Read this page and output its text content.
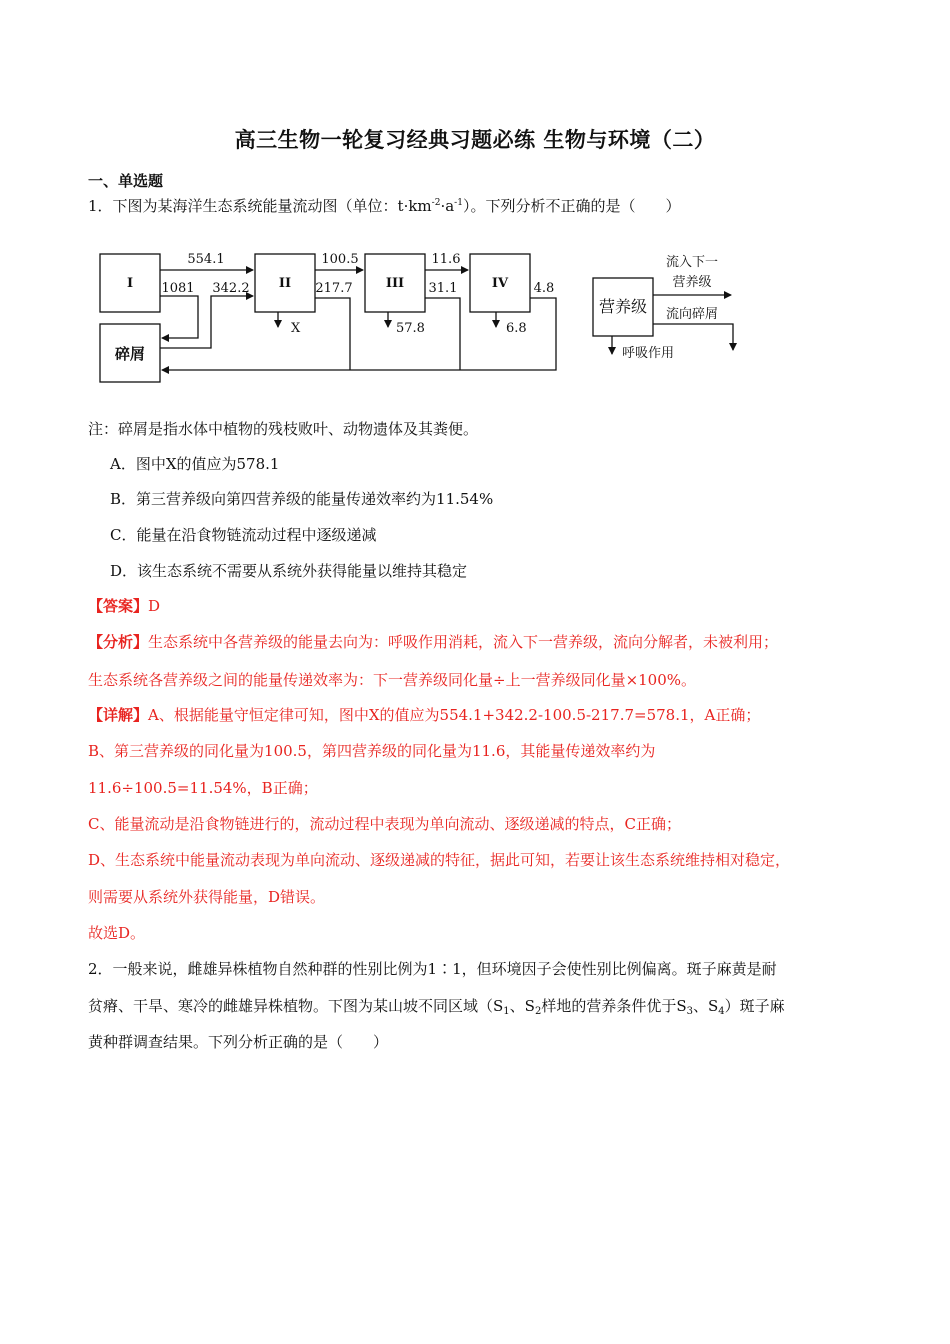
高三生物一轮复习经典习题必练 生物与环境（二）
一、单选题
1．下图为某海洋生态系统能量流动图（单位：$t\cdot km^{-2}\cdot a^{-1}$）。下列分析不正确的是（　　）
I	II	III	IV
碎屑
554.1
1081 342.2
X
100.5
217.7
57.8
11.6
31.1
6.8
4.8
营养级
流入下一
营养级
流向碎屑
呼吸作用
注：碎屑是指水体中植物的残枝败叶、动物遗体及其粪便。
A．图中X的值应为578.1
B．第三营养级向第四营养级的能量传递效率约为11.54%
C．能量在沿食物链流动过程中逐级递减
D．该生态系统不需要从系统外获得能量以维持其稳定
【答案】D
【分析】生态系统中各营养级的能量去向为：呼吸作用消耗，流入下一营养级，流向分解者，未被利用；
生态系统各营养级之间的能量传递效率为：下一营养级同化量÷上一营养级同化量×100%。
【详解】A、根据能量守恒定律可知，图中X的值应为554.1+342.2-100.5-217.7=578.1，A正确；
B、第三营养级的同化量为100.5，第四营养级的同化量为11.6，其能量传递效率约为
11.6÷100.5=11.54%，B正确；
C、能量流动是沿食物链进行的，流动过程中表现为单向流动、逐级递减的特点，C正确；
D、生态系统中能量流动表现为单向流动、逐级递减的特征，据此可知，若要让该生态系统维持相对稳定，
则需要从系统外获得能量，D错误。
故选D。
2．一般来说，雌雄异株植物自然种群的性别比例为1∶1，但环境因子会使性别比例偏离。斑子麻黄是耐
贫瘠、干旱、寒冷的雌雄异株植物。下图为某山坡不同区域（$S_1$、$S_2$样地的营养条件优于$S_3$、$S_4$）斑子麻
黄种群调查结果。下列分析正确的是（　　）
